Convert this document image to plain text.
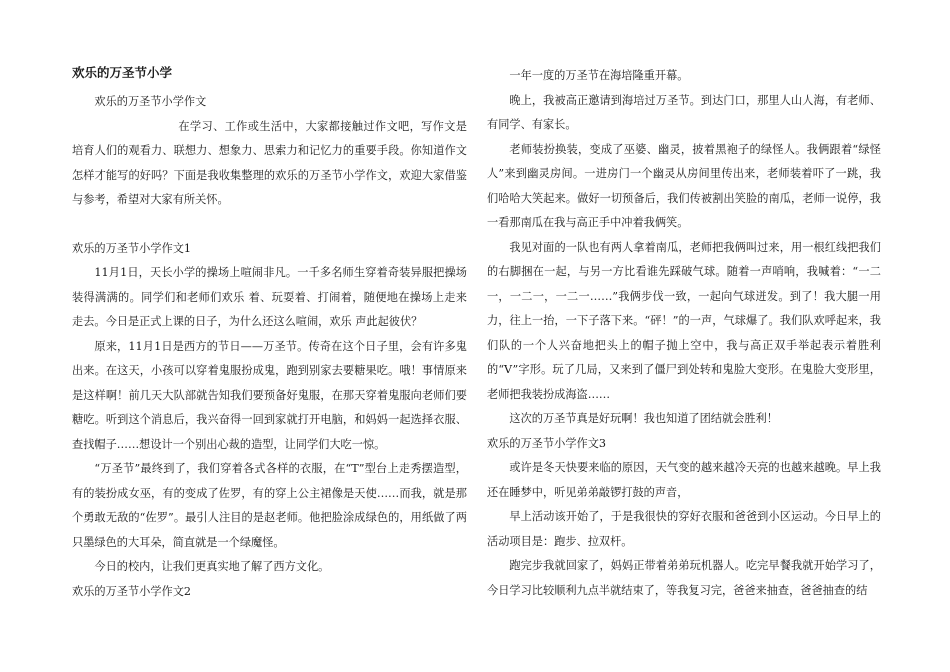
欢乐的万圣节小学

欢乐的万圣节小学作文

在学习、工作或生活中，大家都接触过作文吧，写作文是培育人们的观看力、联想力、想象力、思索力和记忆力的重要手段。你知道作文怎样才能写的好吗？下面是我收集整理的欢乐的万圣节小学作文，欢迎大家借鉴与参考，希望对大家有所关怀。

欢乐的万圣节小学作文1

11月1日，天长小学的操场上喧闹非凡。一千多名师生穿着奇装异服把操场装得满满的。同学们和老师们欢乐 着、玩耍着、打闹着，随便地在操场上走来走去。今日是正式上课的日子，为什么还这么喧闹，欢乐 声此起彼伏？

原来，11月1日是西方的节日——万圣节。传奇在这个日子里，会有许多鬼出来。在这天，小孩可以穿着鬼服扮成鬼，跑到别家去要糖果吃。哦！事情原来是这样啊！前几天大队部就告知我们要预备好鬼服，在那天穿着鬼服向老师们要糖吃。听到这个消息后，我兴奋得一回到家就打开电脑，和妈妈一起选择衣服、查找帽子……想设计一个别出心裁的造型，让同学们大吃一惊。

“万圣节”最终到了，我们穿着各式各样的衣服，在“T”型台上走秀摆造型，有的装扮成女巫，有的变成了佐罗，有的穿上公主裙像是天使……而我，就是那个勇敢无敌的“佐罗”。最引人注目的是赵老师。他把脸涂成绿色的，用纸做了两只墨绿色的大耳朵，简直就是一个绿魔怪。

今日的校内，让我们更真实地了解了西方文化。

欢乐的万圣节小学作文2

一年一度的万圣节在海培隆重开幕。

晚上，我被高正邀请到海培过万圣节。到达门口，那里人山人海，有老师、有同学、有家长。

老师装扮换装，变成了巫婆、幽灵，披着黑袍子的绿怪人。我俩跟着“绿怪人”来到幽灵房间。一进房门一个幽灵从房间里传出来，老师装着吓了一跳，我们哈哈大笑起来。做好一切预备后，我们传被割出笑脸的南瓜，老师一说停，我一看那南瓜在我与高正手中冲着我俩笑。

我见对面的一队也有两人拿着南瓜，老师把我俩叫过来，用一根红线把我们的右脚捆在一起，与另一方比看谁先踩破气球。随着一声哨响，我喊着：“一二一，一二一，一二一……”我俩步伐一致，一起向气球迸发。到了！我大腿一用力，往上一抬，一下子落下来。“砰！”的一声，气球爆了。我们队欢呼起来，我们队的一个人兴奋地把头上的帽子抛上空中，我与高正双手举起表示着胜利的“V”字形。玩了几局，又来到了僵尸到处转和鬼脸大变形。在鬼脸大变形里，老师把我装扮成海盗……

这次的万圣节真是好玩啊！我也知道了团结就会胜利！

欢乐的万圣节小学作文3

或许是冬天快要来临的原因，天气变的越来越冷天亮的也越来越晚。早上我还在睡梦中，听见弟弟敲锣打鼓的声音，

早上活动该开始了，于是我很快的穿好衣服和爸爸到小区运动。今日早上的活动项目是：跑步、拉双杆。

跑完步我就回家了，妈妈正带着弟弟玩机器人。吃完早餐我就开始学习了，今日学习比较顺利九点半就结束了，等我复习完，爸爸来抽查，爸爸抽查的结
